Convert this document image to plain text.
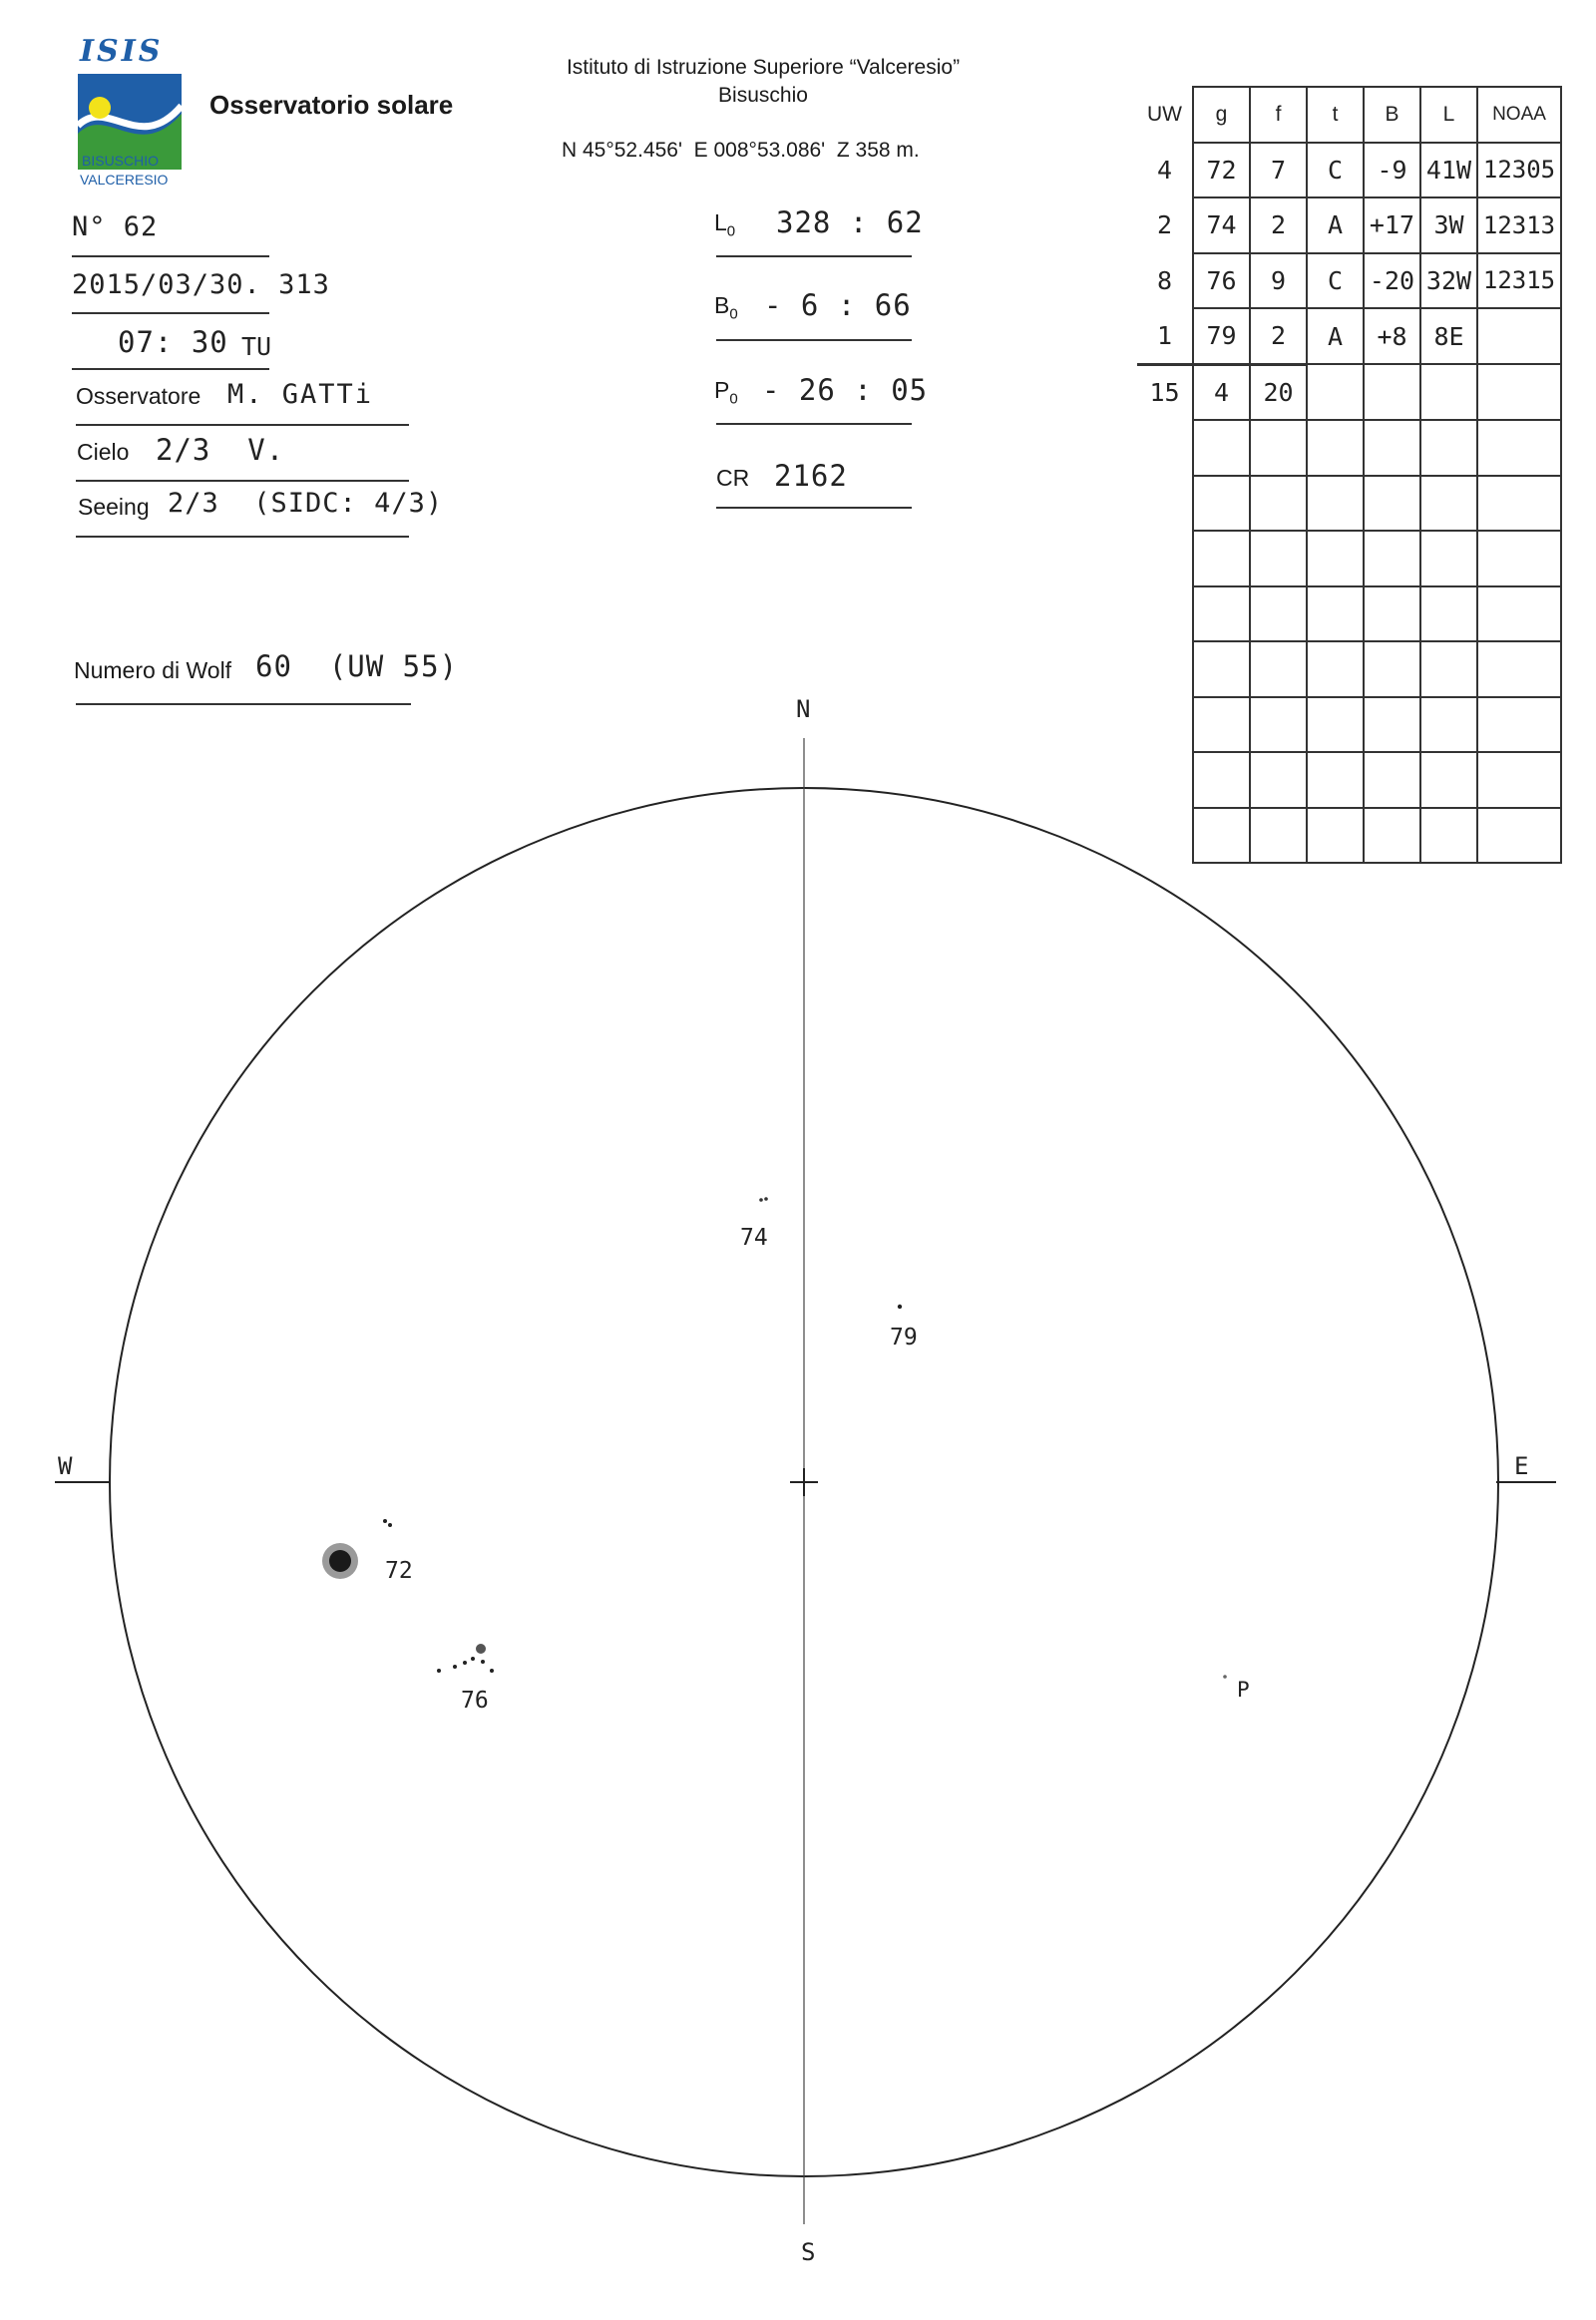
ISIS
VALCERESIO
BISUSCHIO
Osservatorio solare
Istituto di Istruzione Superiore “Valceresio”
Bisuschio
N 45°52.456'  E 008°53.086'  Z 358 m.
N° 62
2015/03/30. 313
07: 30 TU
Osservatore M. GATTi
Cielo 2/3  V.
Seeing 2/3  (SIDC: 4/3)
Numero di Wolf 60  (UW 55)
$L_0$ 328 : 62
$B_0 - 6$ : 66
$P_0 - 26$ : 05
CR 2162
UW	g	f	t	B	L	NOAA
4	72	7	C	-9	41W	12305
2	74	2	A	+17	3W	12313
8	76	9	C	-20	32W	12315
1	79	2	A	+8	8E	
15	4	20				

N
S
W	E
72
74
76
79
P
